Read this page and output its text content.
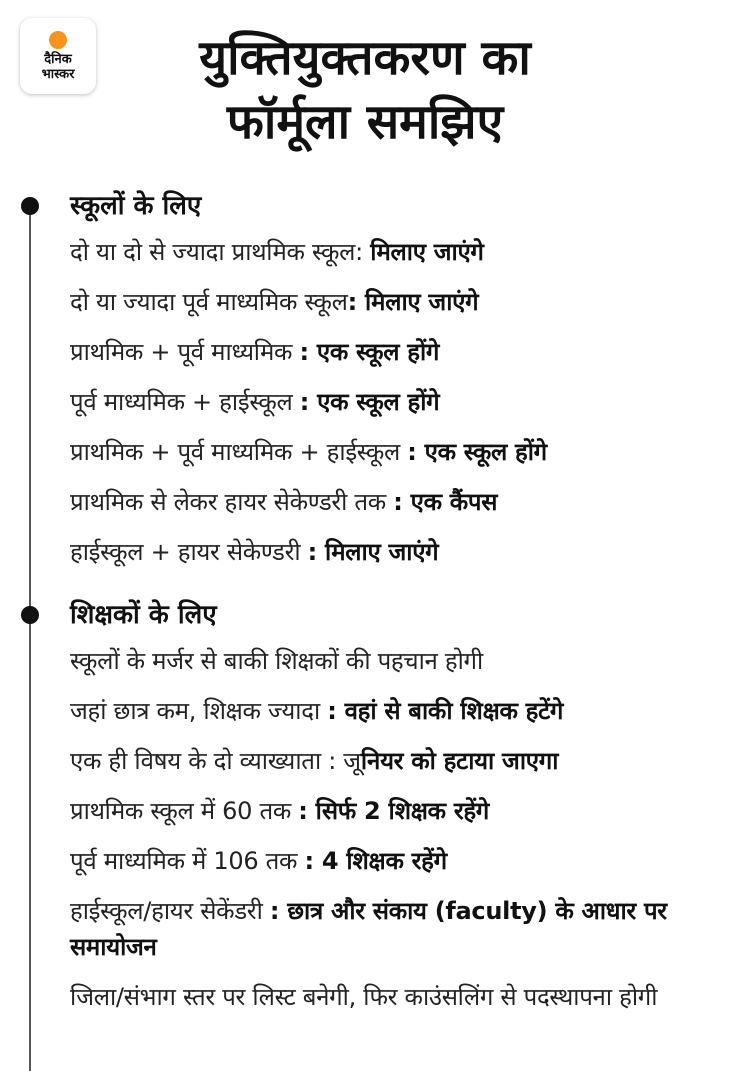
दैनिक
भास्कर	युक्तियुक्तकरण का
फॉर्मूला समझिए
स्कूलों के लिए
दो या दो से ज्यादा प्राथमिक स्कूल: मिलाए जाएंगे
दो या ज्यादा पूर्व माध्यमिक स्कूल: मिलाए जाएंगे
प्राथमिक + पूर्व माध्यमिक : एक स्कूल होंगे
पूर्व माध्यमिक + हाईस्कूल : एक स्कूल होंगे
प्राथमिक + पूर्व माध्यमिक + हाईस्कूल : एक स्कूल होंगे
प्राथमिक से लेकर हायर सेकेण्डरी तक : एक कैंपस
हाईस्कूल + हायर सेकेण्डरी : मिलाए जाएंगे
शिक्षकों के लिए
स्कूलों के मर्जर से बाकी शिक्षकों की पहचान होगी
जहां छात्र कम, शिक्षक ज्यादा : वहां से बाकी शिक्षक हटेंगे
एक ही विषय के दो व्याख्याता : जूनियर को हटाया जाएगा
प्राथमिक स्कूल में 60 तक : सिर्फ 2 शिक्षक रहेंगे
पूर्व माध्यमिक में 106 तक : 4 शिक्षक रहेंगे
हाईस्कूल/हायर सेकेंडरी : छात्र और संकाय (faculty) के आधार पर समायोजन
जिला/संभाग स्तर पर लिस्ट बनेगी, फिर काउंसलिंग से पदस्थापना होगी
